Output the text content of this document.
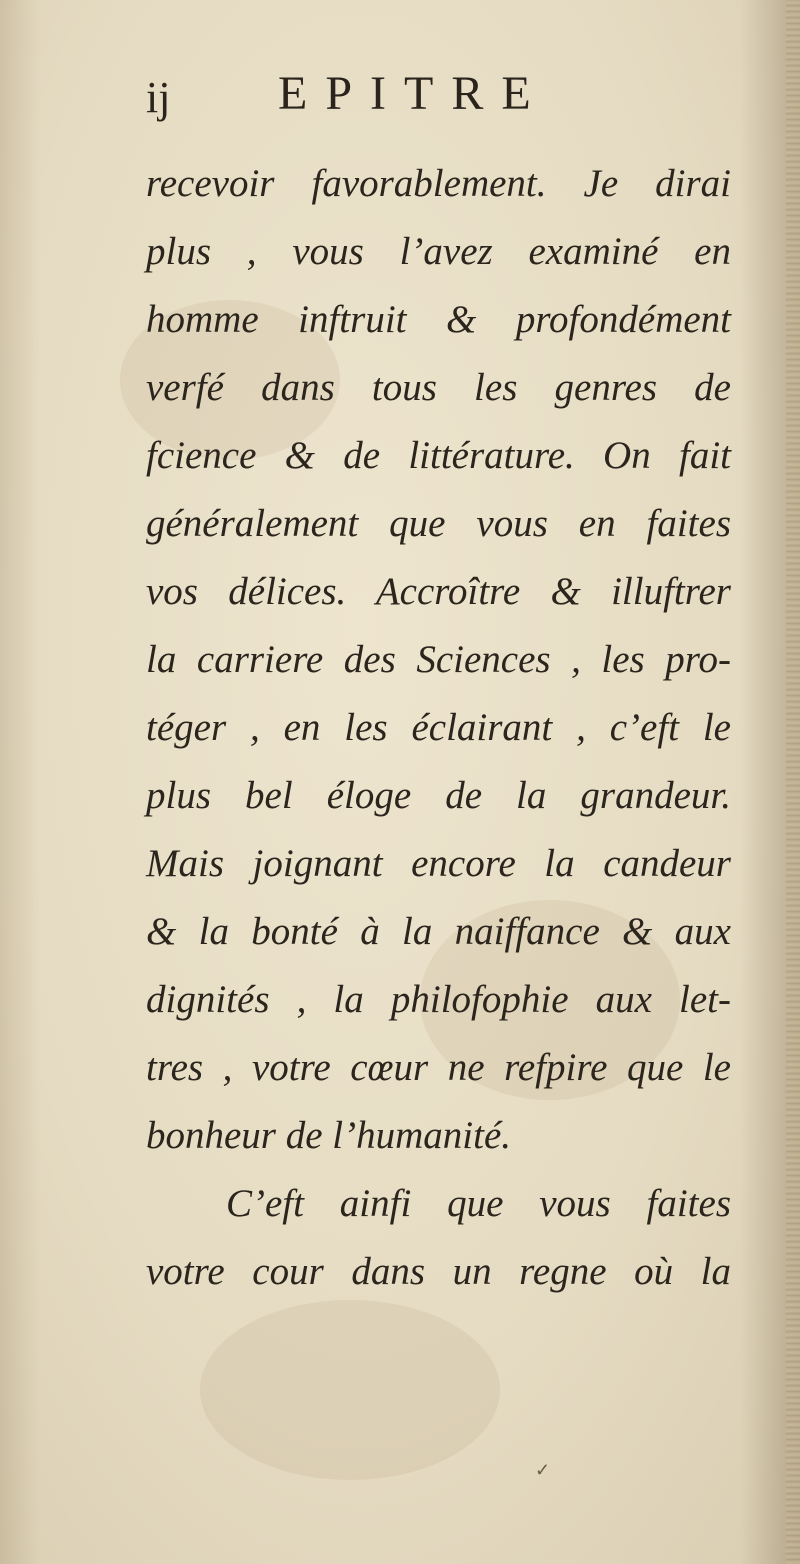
ij EPITRE
recevoir favorablement. Je dirai
plus , vous l’avez examiné en
homme inftruit & profondément
verfé dans tous les genres de
fcience & de littérature. On fait
généralement que vous en faites
vos délices. Accroître & illuftrer
la carriere des Sciences , les pro-
téger , en les éclairant , c’eft le
plus bel éloge de la grandeur.
Mais joignant encore la candeur
& la bonté à la naiffance & aux
dignités , la philofophie aux let-
tres , votre cœur ne refpire que le
bonheur de l’humanité.
C’eft ainfi que vous faites
votre cour dans un regne où la
✓
